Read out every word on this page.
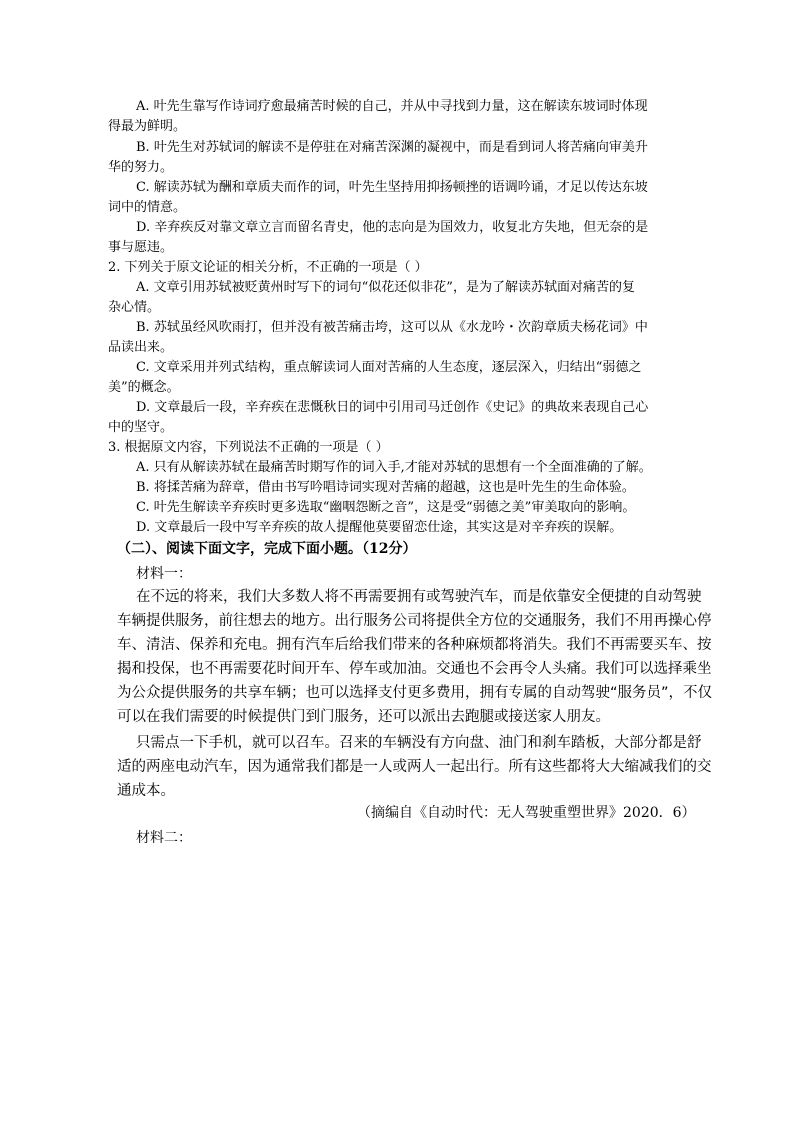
A. 叶先生靠写作诗词疗愈最痛苦时候的自己，并从中寻找到力量，这在解读东坡词时体现
得最为鲜明。
B. 叶先生对苏轼词的解读不是停驻在对痛苦深渊的凝视中，而是看到词人将苦痛向审美升
华的努力。
C. 解读苏轼为酬和章质夫而作的词，叶先生坚持用抑扬顿挫的语调吟诵，才足以传达东坡
词中的情意。
D. 辛弃疾反对靠文章立言而留名青史，他的志向是为国效力，收复北方失地，但无奈的是
事与愿违。
2. 下列关于原文论证的相关分析，不正确的一项是（ ）
A. 文章引用苏轼被贬黄州时写下的词句“似花还似非花”，是为了解读苏轼面对痛苦的复
杂心情。
B. 苏轼虽经风吹雨打，但并没有被苦痛击垮，这可以从《水龙吟・次韵章质夫杨花词》中
品读出来。
C. 文章采用并列式结构，重点解读词人面对苦痛的人生态度，逐层深入，归结出“弱德之
美”的概念。
D. 文章最后一段，辛弃疾在悲慨秋日的词中引用司马迁创作《史记》的典故来表现自己心
中的坚守。
3. 根据原文内容，下列说法不正确的一项是（ ）
A. 只有从解读苏轼在最痛苦时期写作的词入手,才能对苏轼的思想有一个全面准确的了解。
B. 将揉苦痛为辞章，借由书写吟唱诗词实现对苦痛的超越，这也是叶先生的生命体验。
C. 叶先生解读辛弃疾时更多选取“幽咽怨断之音”，这是受“弱德之美”审美取向的影响。
D. 文章最后一段中写辛弃疾的故人提醒他莫要留恋仕途，其实这是对辛弃疾的误解。
（二）、阅读下面文字，完成下面小题。（12分）
材料一：
在不远的将来，我们大多数人将不再需要拥有或驾驶汽车，而是依靠安全便捷的自动驾驶
车辆提供服务，前往想去的地方。出行服务公司将提供全方位的交通服务，我们不用再操心停
车、清洁、保养和充电。拥有汽车后给我们带来的各种麻烦都将消失。我们不再需要买车、按
揭和投保，也不再需要花时间开车、停车或加油。交通也不会再令人头痛。我们可以选择乘坐
为公众提供服务的共享车辆；也可以选择支付更多费用，拥有专属的自动驾驶“服务员”，不仅
可以在我们需要的时候提供门到门服务，还可以派出去跑腿或接送家人朋友。
只需点一下手机，就可以召车。召来的车辆没有方向盘、油门和刹车踏板，大部分都是舒
适的两座电动汽车，因为通常我们都是一人或两人一起出行。所有这些都将大大缩减我们的交
通成本。
（摘编自《自动时代：无人驾驶重塑世界》2020．6）
材料二：
